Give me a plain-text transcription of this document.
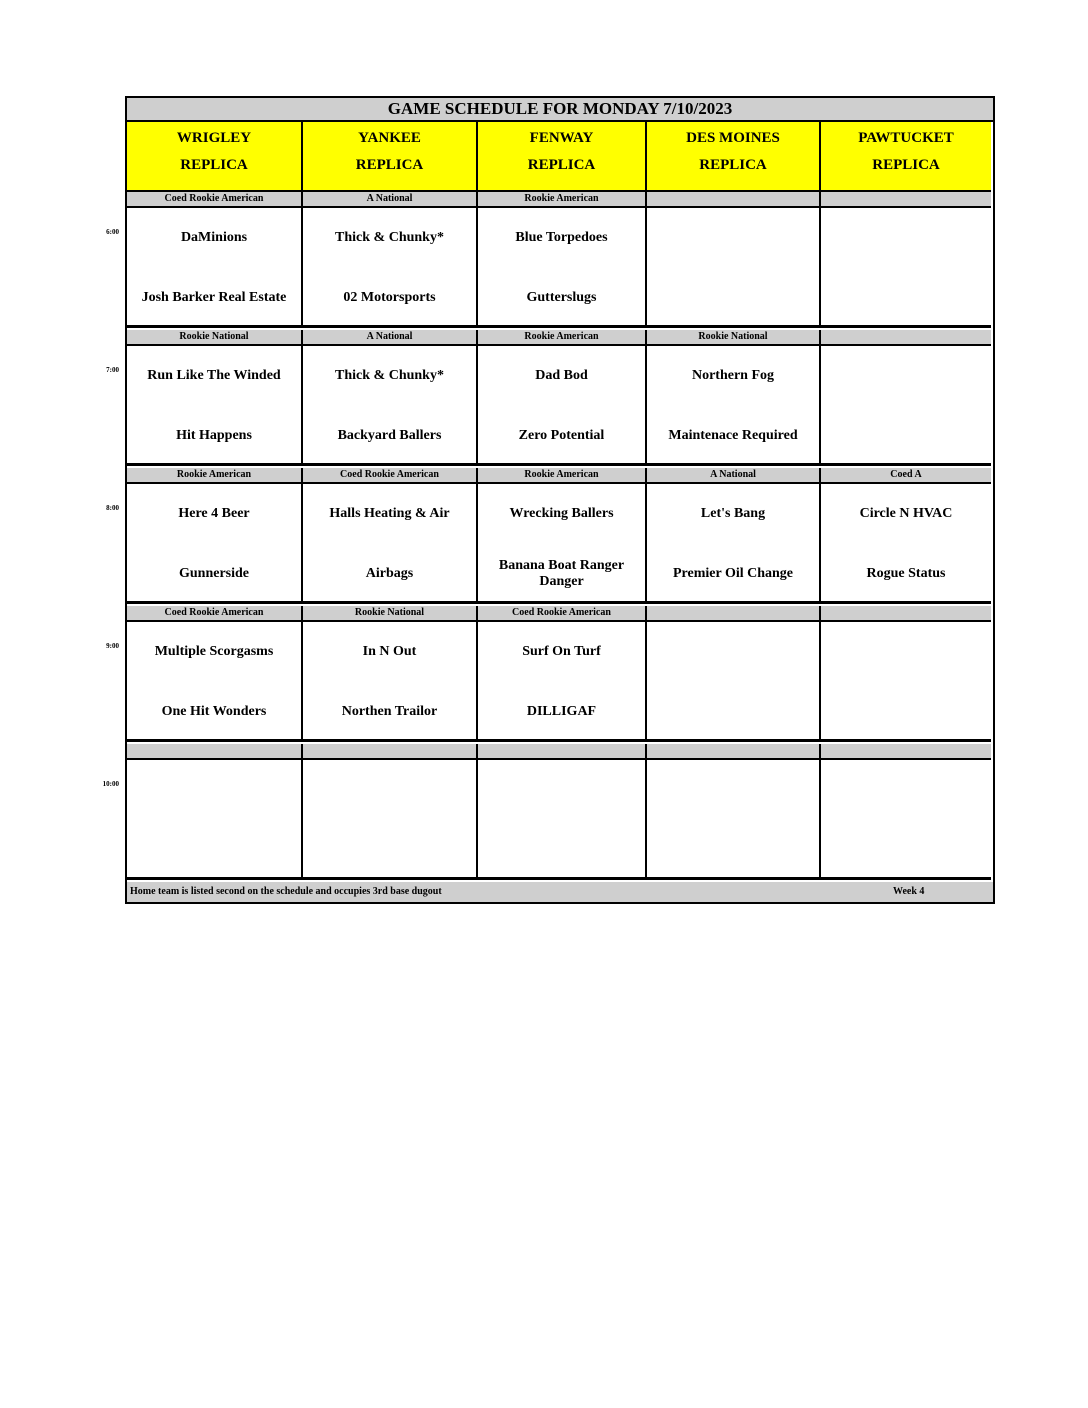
GAME SCHEDULE FOR MONDAY 7/10/2023
WRIGLEY
REPLICA
YANKEE
REPLICA
FENWAY
REPLICA
DES MOINES
REPLICA
PAWTUCKET
REPLICA
Coed Rookie American
DaMinions
Josh Barker Real Estate
A National
Thick & Chunky*
02 Motorsports
Rookie American
Blue Torpedoes
Gutterslugs
Rookie National
Run Like The Winded
Hit Happens
A National
Thick & Chunky*
Backyard Ballers
Rookie American
Dad Bod
Zero Potential
Rookie National
Northern Fog
Maintenace Required
Rookie American
Here 4 Beer
Gunnerside
Coed Rookie American
Halls Heating & Air
Airbags
Rookie American
Wrecking Ballers
Banana Boat Ranger Danger
A National
Let's Bang
Premier Oil Change
Coed A
Circle N HVAC
Rogue Status
Coed Rookie American
Multiple Scorgasms
One Hit Wonders
Rookie National
In N Out
Northen Trailor
Coed Rookie American
Surf On Turf
DILLIGAF
Home team is listed second on the schedule and occupies 3rd base dugout	Week 4
6:00
7:00
8:00
9:00
10:00
